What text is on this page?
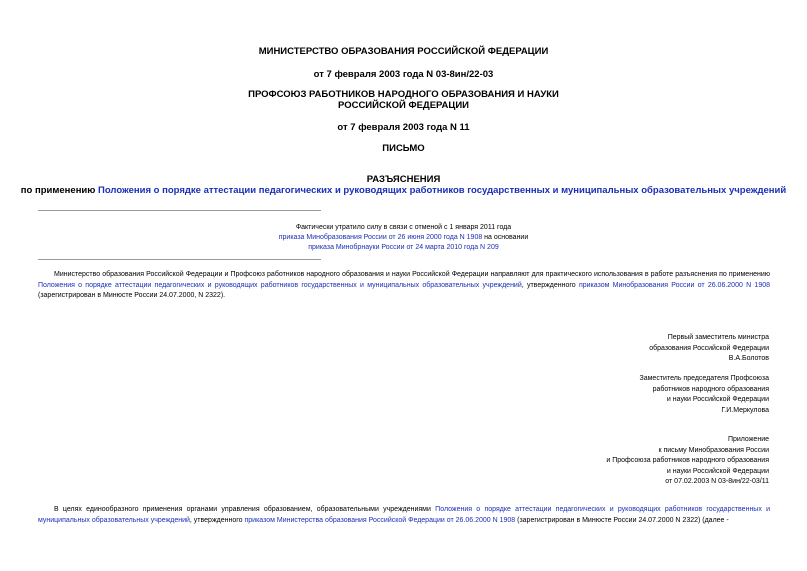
МИНИСТЕРСТВО ОБРАЗОВАНИЯ РОССИЙСКОЙ ФЕДЕРАЦИИ
от 7 февраля 2003 года N 03-8ин/22-03
ПРОФСОЮЗ РАБОТНИКОВ НАРОДНОГО ОБРАЗОВАНИЯ И НАУКИ
РОССИЙСКОЙ ФЕДЕРАЦИИ
от 7 февраля 2003 года N 11
ПИСЬМО
РАЗЪЯСНЕНИЯ
по применению Положения о порядке аттестации педагогических и руководящих работников государственных и муниципальных образовательных учреждений
Фактически утратило силу в связи с отменой с 1 января 2011 года
приказа Минобразования России от 26 июня 2000 года N 1908 на основании
приказа Минобрнауки России от 24 марта 2010 года N 209
Министерство образования Российской Федерации и Профсоюз работников народного образования и науки Российской Федерации направляют для практического использования в работе разъяснения по применению Положения о порядке аттестации педагогических и руководящих работников государственных и муниципальных образовательных учреждений, утвержденного приказом Минобразования России от 26.06.2000 N 1908 (зарегистрирован в Минюсте России 24.07.2000, N 2322).
Первый заместитель министра
образования Российской Федерации
В.А.Болотов
Заместитель председателя Профсоюза
работников народного образования
и науки Российской Федерации
Г.И.Меркулова
Приложение
к письму Минобразования России
и Профсоюза работников народного образования
и науки Российской Федерации
от 07.02.2003 N 03-8ин/22-03/11
В целях единообразного применения органами управления образованием, образовательными учреждениями Положения о порядке аттестации педагогических и руководящих работников государственных и муниципальных образовательных учреждений, утвержденного приказом Министерства образования Российской Федерации от 26.06.2000 N 1908 (зарегистрирован в Минюсте России 24.07.2000 N 2322) (далее -
